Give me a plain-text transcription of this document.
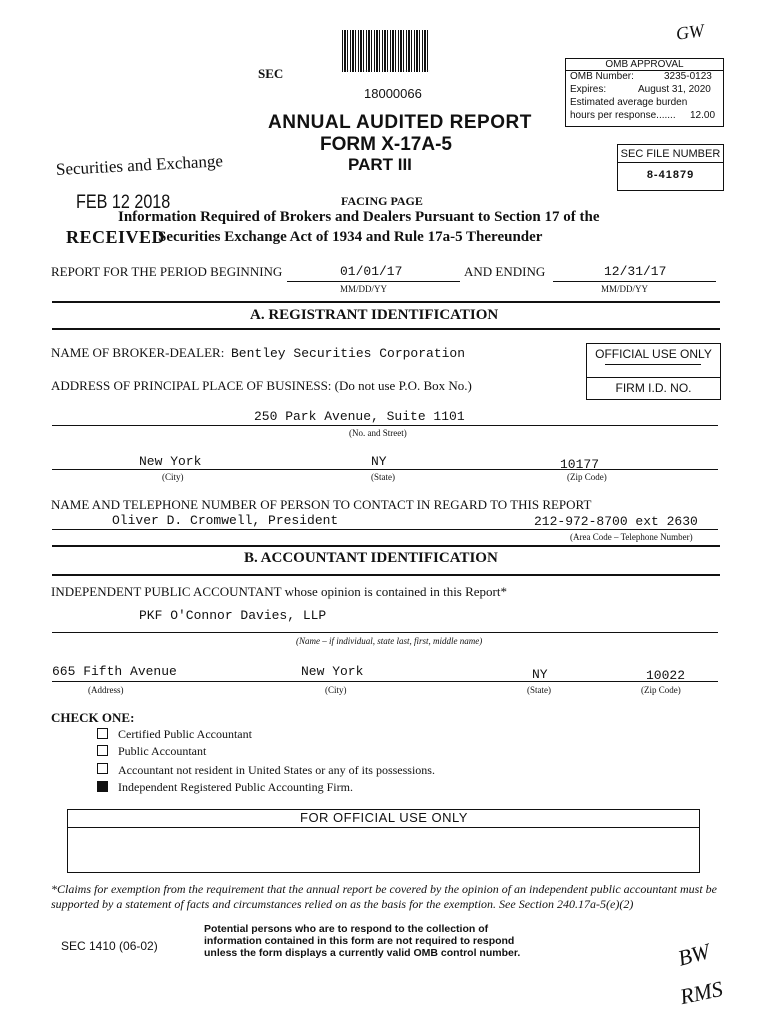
GW
SEC
18000066
ANNUAL AUDITED REPORT
FORM X-17A-5
PART III
OMB APPROVAL
OMB Number:	3235-0123
Expires:	August 31, 2020
Estimated average burden
hours per response....... 12.00
SEC FILE NUMBER
8-41879
Securities and Exchange
FEB 12 2018
RECEIVED
FACING PAGE
Information Required of Brokers and Dealers Pursuant to Section 17 of the
Securities Exchange Act of 1934 and Rule 17a-5 Thereunder
REPORT FOR THE PERIOD BEGINNING	01/01/17
MM/DD/YY
AND ENDING	12/31/17
MM/DD/YY
A. REGISTRANT IDENTIFICATION
NAME OF BROKER-DEALER: Bentley Securities Corporation	OFFICIAL USE ONLY
FIRM I.D. NO.
ADDRESS OF PRINCIPAL PLACE OF BUSINESS: (Do not use P.O. Box No.)
250 Park Avenue, Suite 1101
(No. and Street)
New York	NY	10177
(City)	(State)	(Zip Code)
NAME AND TELEPHONE NUMBER OF PERSON TO CONTACT IN REGARD TO THIS REPORT
Oliver D. Cromwell, President	212-972-8700 ext 2630
(Area Code – Telephone Number)
B. ACCOUNTANT IDENTIFICATION
INDEPENDENT PUBLIC ACCOUNTANT whose opinion is contained in this Report*
PKF O'Connor Davies, LLP
(Name – if individual, state last, first, middle name)
665 Fifth Avenue	New York	NY	10022
(Address)	(City)	(State)	(Zip Code)
CHECK ONE:
Certified Public Accountant
Public Accountant
Accountant not resident in United States or any of its possessions.
Independent Registered Public Accounting Firm.
FOR OFFICIAL USE ONLY
*Claims for exemption from the requirement that the annual report be covered by the opinion of an independent public accountant must be supported by a statement of facts and circumstances relied on as the basis for the exemption. See Section 240.17a-5(e)(2)
SEC 1410 (06-02)
Potential persons who are to respond to the collection of
information contained in this form are not required to respond
unless the form displays a currently valid OMB control number.	BW
RMS
